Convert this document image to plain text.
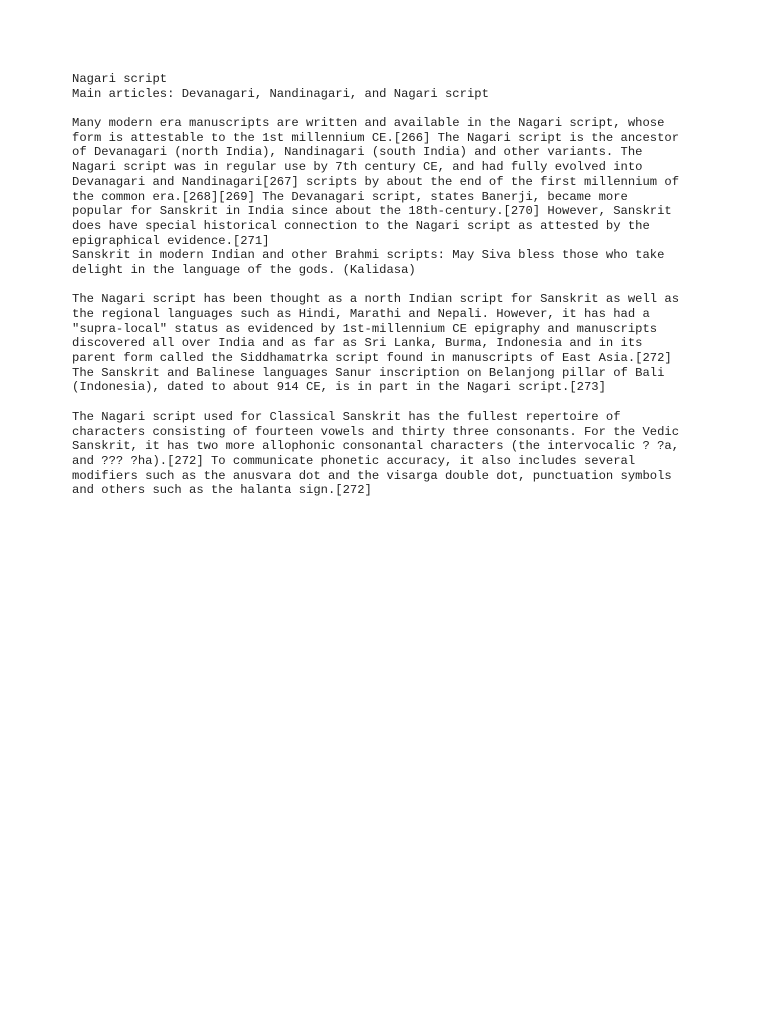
Nagari script
Main articles: Devanagari, Nandinagari, and Nagari script
Many modern era manuscripts are written and available in the Nagari script, whose
form is attestable to the 1st millennium CE.[266] The Nagari script is the ancestor
of Devanagari (north India), Nandinagari (south India) and other variants. The
Nagari script was in regular use by 7th century CE, and had fully evolved into
Devanagari and Nandinagari[267] scripts by about the end of the first millennium of
the common era.[268][269] The Devanagari script, states Banerji, became more
popular for Sanskrit in India since about the 18th-century.[270] However, Sanskrit
does have special historical connection to the Nagari script as attested by the
epigraphical evidence.[271]
Sanskrit in modern Indian and other Brahmi scripts: May Siva bless those who take
delight in the language of the gods. (Kalidasa)
The Nagari script has been thought as a north Indian script for Sanskrit as well as
the regional languages such as Hindi, Marathi and Nepali. However, it has had a
"supra-local" status as evidenced by 1st-millennium CE epigraphy and manuscripts
discovered all over India and as far as Sri Lanka, Burma, Indonesia and in its
parent form called the Siddhamatrka script found in manuscripts of East Asia.[272]
The Sanskrit and Balinese languages Sanur inscription on Belanjong pillar of Bali
(Indonesia), dated to about 914 CE, is in part in the Nagari script.[273]
The Nagari script used for Classical Sanskrit has the fullest repertoire of
characters consisting of fourteen vowels and thirty three consonants. For the Vedic
Sanskrit, it has two more allophonic consonantal characters (the intervocalic ? ?a,
and ??? ?ha).[272] To communicate phonetic accuracy, it also includes several
modifiers such as the anusvara dot and the visarga double dot, punctuation symbols
and others such as the halanta sign.[272]
